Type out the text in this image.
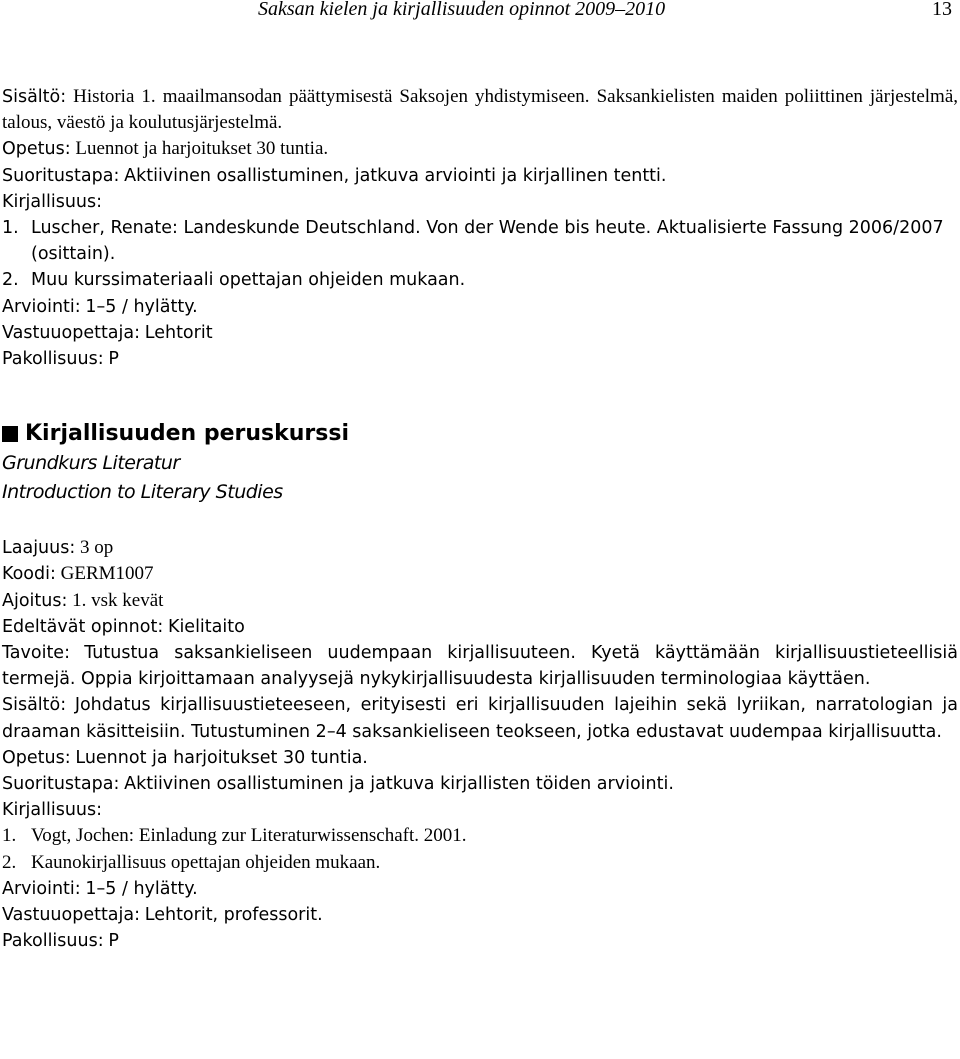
Saksan kielen ja kirjallisuuden opinnot 2009–2010	13

Sisältö: Historia 1. maailmansodan päättymisestä Saksojen yhdistymiseen. Saksankielisten maiden poliittinen järjestelmä, talous, väestö ja koulutusjärjestelmä.

Opetus: Luennot ja harjoitukset 30 tuntia.

Suoritustapa: Aktiivinen osallistuminen, jatkuva arviointi ja kirjallinen tentti.

Kirjallisuus:

1. Luscher, Renate: Landeskunde Deutschland. Von der Wende bis heute. Aktualisierte Fassung 2006/2007 (osittain).
2. Muu kurssimateriaali opettajan ohjeiden mukaan.

Arviointi: 1–5 / hylätty.

Vastuuopettaja: Lehtorit

Pakollisuus: P

Kirjallisuuden peruskurssi
Grundkurs Literatur
Introduction to Literary Studies

Laajuus: 3 op

Koodi: GERM1007

Ajoitus: 1. vsk kevät

Edeltävät opinnot: Kielitaito

Tavoite: Tutustua saksankieliseen uudempaan kirjallisuuteen. Kyetä käyttämään kirjallisuustieteellisiä termejä. Oppia kirjoittamaan analyysejä nykykirjallisuudesta kirjallisuuden terminologiaa käyttäen.

Sisältö: Johdatus kirjallisuustieteeseen, erityisesti eri kirjallisuuden lajeihin sekä lyriikan, narratologian ja draaman käsitteisiin. Tutustuminen 2–4 saksankieliseen teokseen, jotka edustavat uudempaa kirjallisuutta.

Opetus: Luennot ja harjoitukset 30 tuntia.

Suoritustapa: Aktiivinen osallistuminen ja jatkuva kirjallisten töiden arviointi.

Kirjallisuus:

1. Vogt, Jochen: Einladung zur Literaturwissenschaft. 2001.
2. Kaunokirjallisuus opettajan ohjeiden mukaan.

Arviointi: 1–5 / hylätty.

Vastuuopettaja: Lehtorit, professorit.

Pakollisuus: P
